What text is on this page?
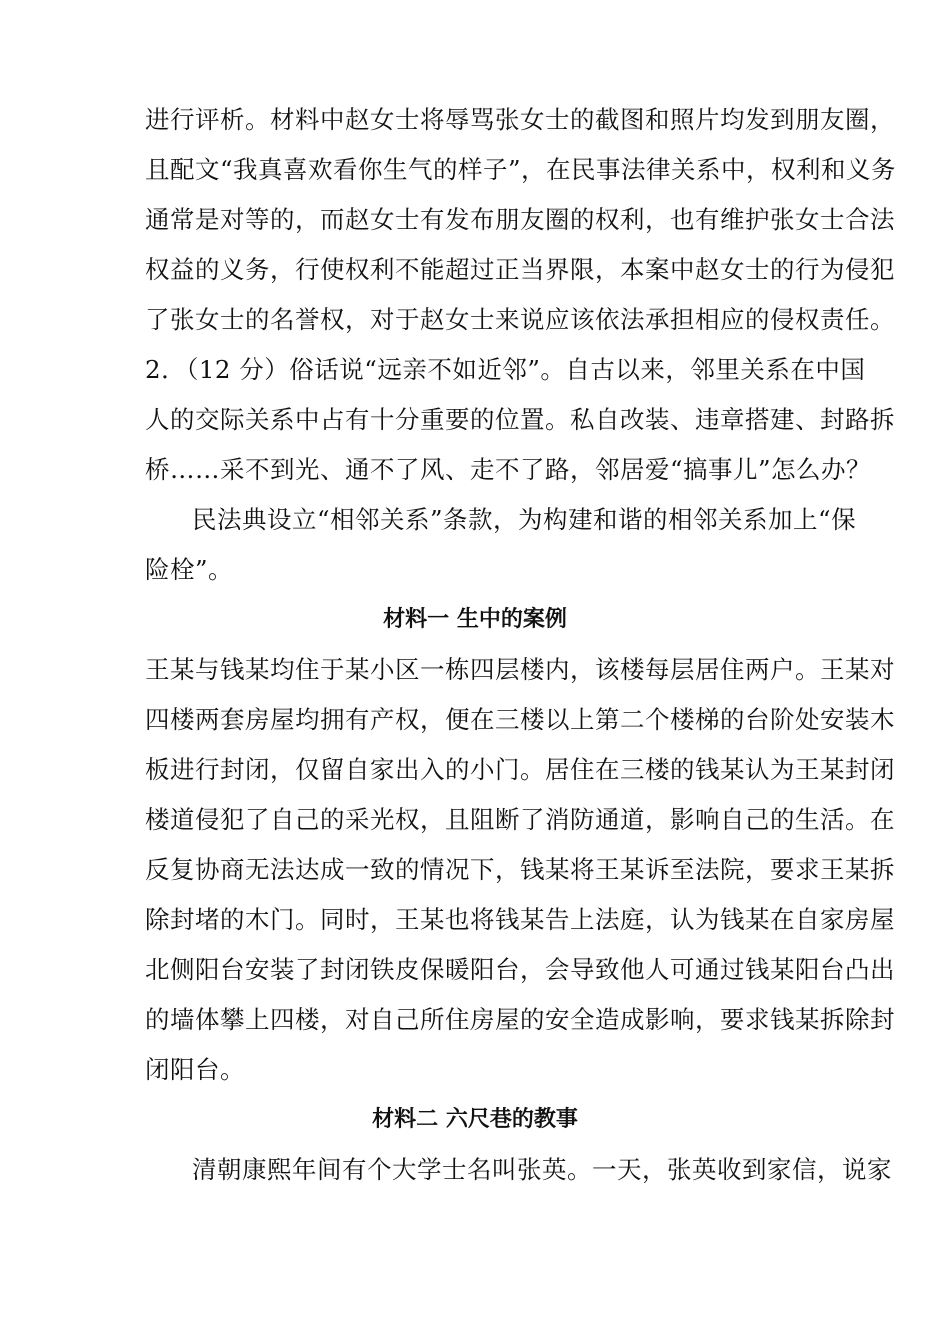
进行评析。材料中赵女士将辱骂张女士的截图和照片均发到朋友圈，
且配文“我真喜欢看你生气的样子”，在民事法律关系中，权利和义务
通常是对等的，而赵女士有发布朋友圈的权利，也有维护张女士合法
权益的义务，行使权利不能超过正当界限，本案中赵女士的行为侵犯
了张女士的名誉权，对于赵女士来说应该依法承担相应的侵权责任。
2．（12 分）俗话说“远亲不如近邻”。自古以来，邻里关系在中国
人的交际关系中占有十分重要的位置。私自改装、违章搭建、封路拆
桥……采不到光、通不了风、走不了路，邻居爱“搞事儿”怎么办？
民法典设立“相邻关系”条款，为构建和谐的相邻关系加上“保
险栓”。
材料一 生中的案例
王某与钱某均住于某小区一栋四层楼内，该楼每层居住两户。王某对
四楼两套房屋均拥有产权，便在三楼以上第二个楼梯的台阶处安装木
板进行封闭，仅留自家出入的小门。居住在三楼的钱某认为王某封闭
楼道侵犯了自己的采光权，且阻断了消防通道，影响自己的生活。在
反复协商无法达成一致的情况下，钱某将王某诉至法院，要求王某拆
除封堵的木门。同时，王某也将钱某告上法庭，认为钱某在自家房屋
北侧阳台安装了封闭铁皮保暖阳台，会导致他人可通过钱某阳台凸出
的墙体攀上四楼，对自己所住房屋的安全造成影响，要求钱某拆除封
闭阳台。
材料二 六尺巷的教事
清朝康熙年间有个大学士名叫张英。一天，张英收到家信，说家
